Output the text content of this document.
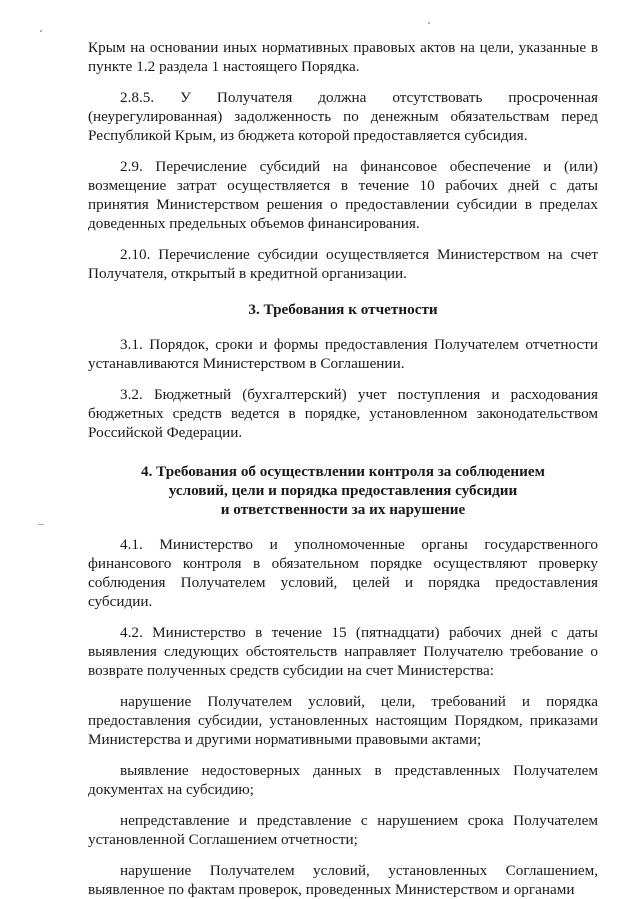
Крым на основании иных нормативных правовых актов на цели, указанные в пункте 1.2 раздела 1 настоящего Порядка.

2.8.5. У Получателя должна отсутствовать просроченная (неурегулированная) задолженность по денежным обязательствам перед Республикой Крым, из бюджета которой предоставляется субсидия.

2.9. Перечисление субсидий на финансовое обеспечение и (или) возмещение затрат осуществляется в течение 10 рабочих дней с даты принятия Министерством решения о предоставлении субсидии в пределах доведенных предельных объемов финансирования.

2.10. Перечисление субсидии осуществляется Министерством на счет Получателя, открытый в кредитной организации.

3. Требования к отчетности

3.1. Порядок, сроки и формы предоставления Получателем отчетности устанавливаются Министерством в Соглашении.

3.2. Бюджетный (бухгалтерский) учет поступления и расходования бюджетных средств ведется в порядке, установленном законодательством Российской Федерации.

4. Требования об осуществлении контроля за соблюдением

условий, цели и порядка предоставления субсидии

и ответственности за их нарушение

4.1. Министерство и уполномоченные органы государственного финансового контроля в обязательном порядке осуществляют проверку соблюдения Получателем условий, целей и порядка предоставления субсидии.

4.2. Министерство в течение 15 (пятнадцати) рабочих дней с даты выявления следующих обстоятельств направляет Получателю требование о возврате полученных средств субсидии на счет Министерства:

нарушение Получателем условий, цели, требований и порядка предоставления субсидии, установленных настоящим Порядком, приказами Министерства и другими нормативными правовыми актами;

выявление недостоверных данных в представленных Получателем документах на субсидию;

непредставление и представление с нарушением срока Получателем установленной Соглашением отчетности;

нарушение Получателем условий, установленных Соглашением, выявленное по фактам проверок, проведенных Министерством и органами
